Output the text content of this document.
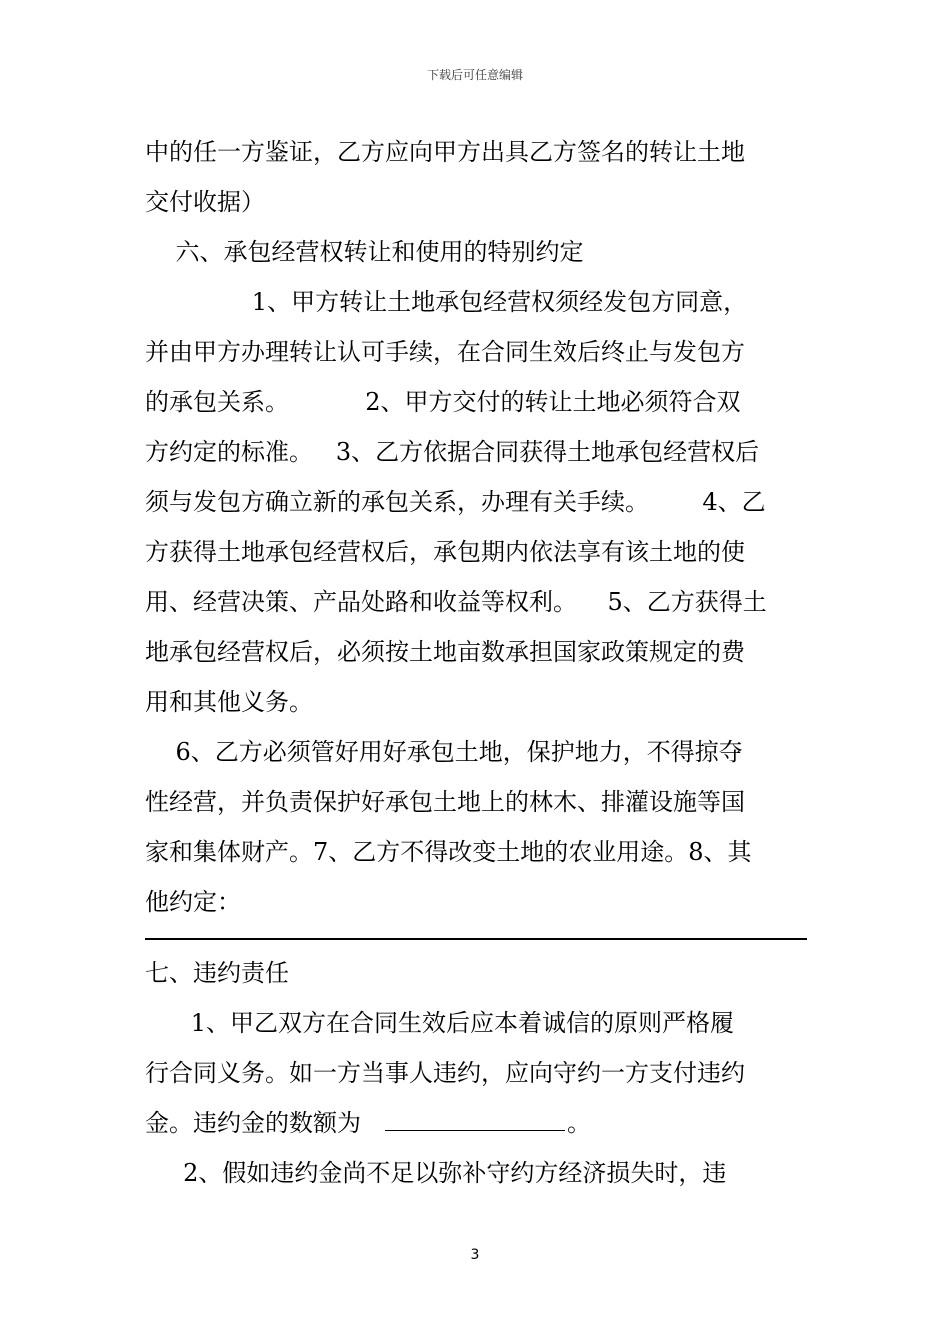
下载后可任意编辑
中的任一方鉴证，乙方应向甲方出具乙方签名的转让土地
交付收据）
六、承包经营权转让和使用的特别约定
1、甲方转让土地承包经营权须经发包方同意，
并由甲方办理转让认可手续，在合同生效后终止与发包方
的承包关系。          2、甲方交付的转让土地必须符合双
方约定的标准。   3、乙方依据合同获得土地承包经营权后
须与发包方确立新的承包关系，办理有关手续。       4、乙
方获得土地承包经营权后，承包期内依法享有该土地的使
用、经营决策、产品处路和收益等权利。    5、乙方获得土
地承包经营权后，必须按土地亩数承担国家政策规定的费
用和其他义务。
6、乙方必须管好用好承包土地，保护地力，不得掠夺
性经营，并负责保护好承包土地上的林木、排灌设施等国
家和集体财产。7、乙方不得改变土地的农业用途。8、其
他约定：
七、违约责任
1、甲乙双方在合同生效后应本着诚信的原则严格履
行合同义务。如一方当事人违约，应向守约一方支付违约
金。违约金的数额为	。
2、假如违约金尚不足以弥补守约方经济损失时，违
3
